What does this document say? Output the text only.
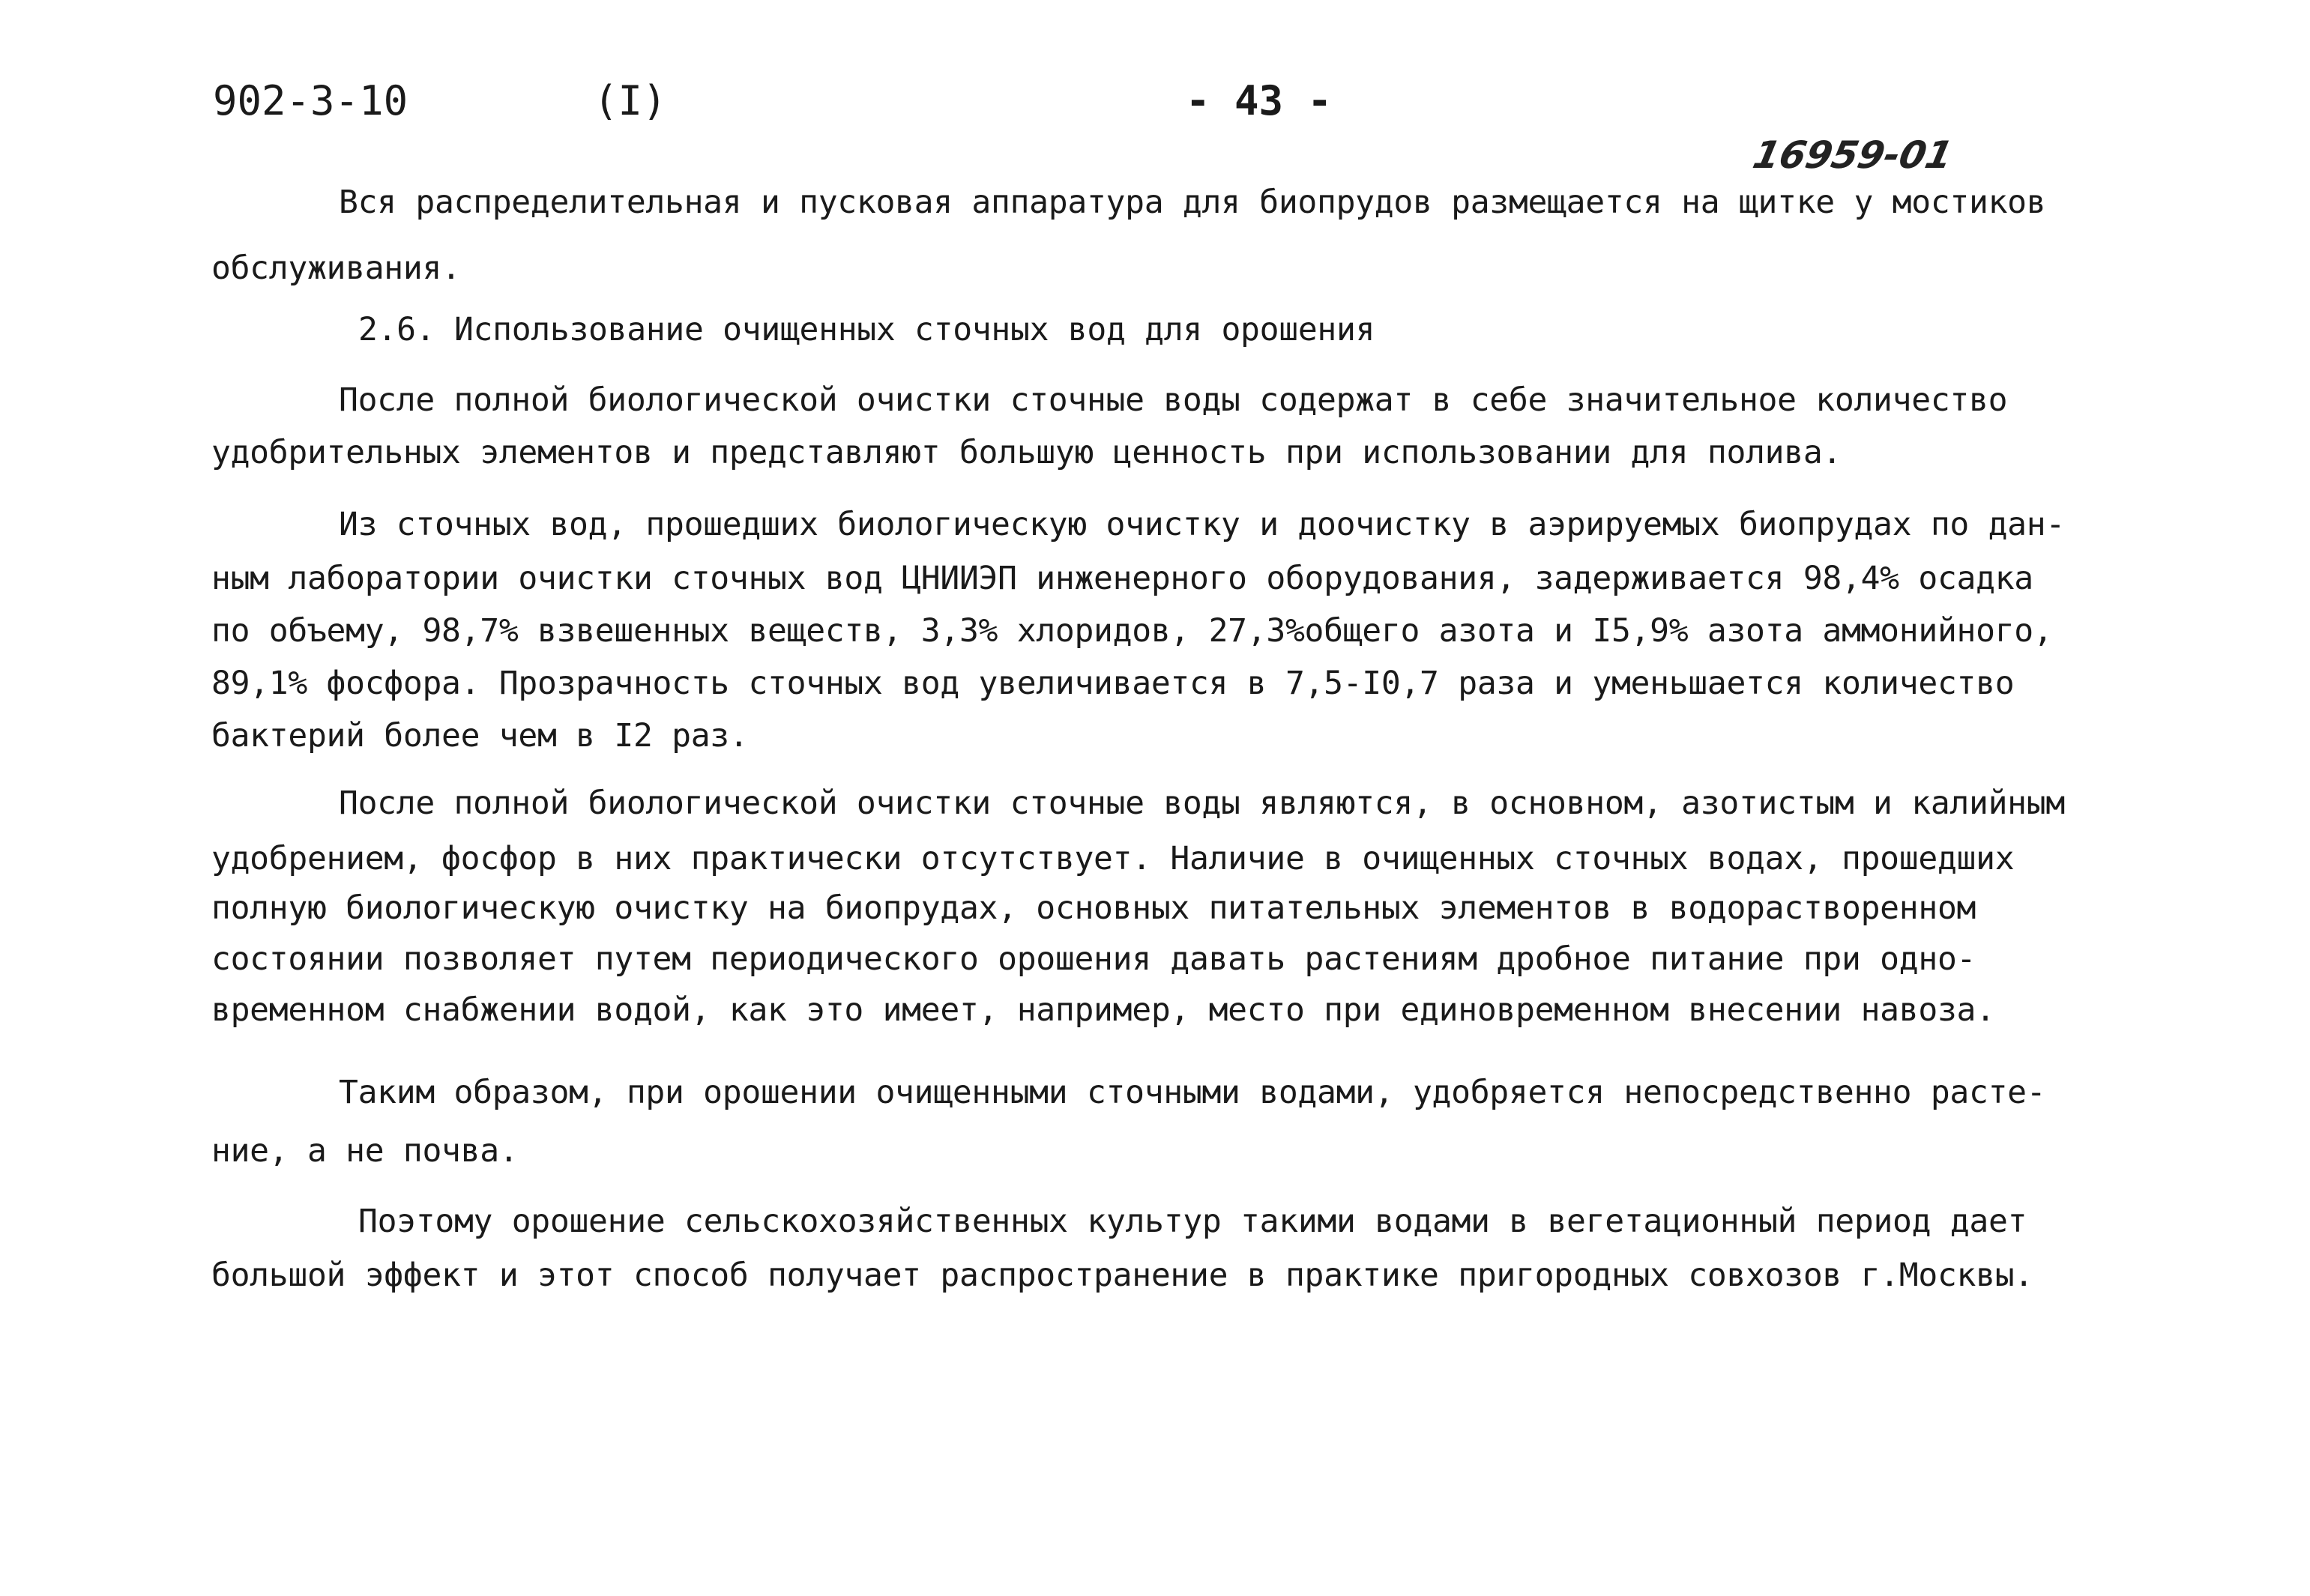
902-3-10	(I)	- 43 -
16959-01
Вся распределительная и пусковая аппаратура для биопрудов размещается на щитке у мостиков
обслуживания.
2.6. Использование очищенных сточных вод для орошения
После полной биологической очистки сточные воды содержат в себе значительное количество
удобрительных элементов и представляют большую ценность при использовании для полива.
Из сточных вод, прошедших биологическую очистку и доочистку в аэрируемых биопрудах по дан-
ным лаборатории очистки сточных вод ЦНИИЭП инженерного оборудования, задерживается 98,4% осадка
по объему, 98,7% взвешенных веществ, 3,3% хлоридов, 27,3%общего азота и I5,9% азота аммонийного,
89,1% фосфора. Прозрачность сточных вод увеличивается в 7,5-I0,7 раза и уменьшается количество
бактерий более чем в I2 раз.
После полной биологической очистки сточные воды являются, в основном, азотистым и калийным
удобрением, фосфор в них практически отсутствует. Наличие в очищенных сточных водах, прошедших
полную биологическую очистку на биопрудах, основных питательных элементов в водорастворенном
состоянии позволяет путем периодического орошения давать растениям дробное питание при одно-
временном снабжении водой, как это имеет, например, место при единовременном внесении навоза.
Таким образом, при орошении очищенными сточными водами, удобряется непосредственно расте-
ние, а не почва.
Поэтому орошение сельскохозяйственных культур такими водами в вегетационный период дает
большой эффект и этот способ получает распространение в практике пригородных совхозов г.Москвы.
